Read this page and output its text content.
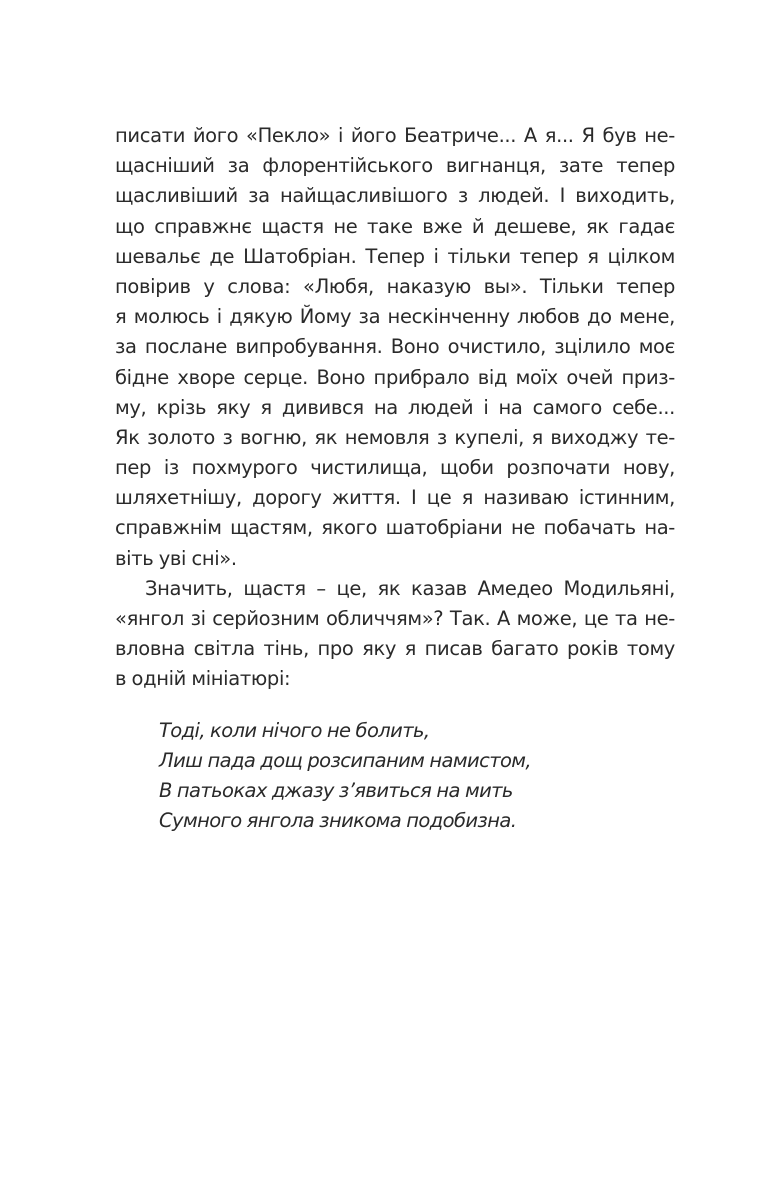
писати його «Пекло» і його Беатриче... А я... Я був не-
щасніший за флорентійського вигнанця, зате тепер
щасливіший за найщасливішого з людей. І виходить,
що справжнє щастя не таке вже й дешеве, як гадає
шевальє де Шатобріан. Тепер і тільки тепер я цілком
повірив у слова: «Любя, наказую вы». Тільки тепер
я молюсь і дякую Йому за нескінченну любов до мене,
за послане випробування. Воно очистило, зцілило моє
бідне хворе серце. Воно прибрало від моїх очей приз-
му, крізь яку я дивився на людей і на самого себе...
Як золото з вогню, як немовля з купелі, я виходжу те-
пер із похмурого чистилища, щоби розпочати нову,
шляхетнішу, дорогу життя. І це я називаю істинним,
справжнім щастям, якого шатобріани не побачать на-
віть уві сні».
Значить, щастя – це, як казав Амедео Модильяні,
«янгол зі серйозним обличчям»? Так. А може, це та не-
вловна світла тінь, про яку я писав багато років тому
в одній мініатюрі:
Тоді, коли нічого не болить,
Лиш пада дощ розсипаним намистом,
В патьоках джазу з’явиться на мить
Сумного янгола зникома подобизна.
